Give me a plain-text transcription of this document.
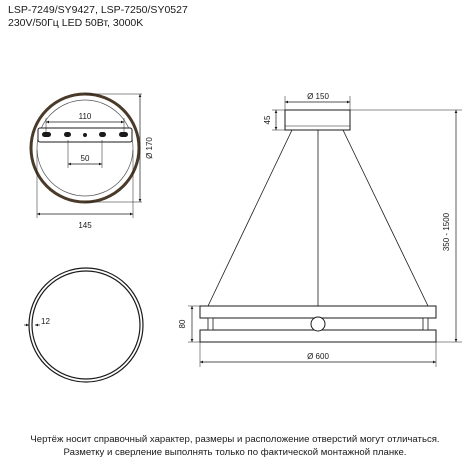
LSP-7249/SY9427, LSP-7250/SY0527
230V/50Гц LED 50Вт, 3000K
110
50	Ø 170
145
12
Ø 150
45
80
Ø 600
350 - 1500
Чертёж носит справочный характер, размеры и расположение отверстий могут отличаться.
Разметку и сверление выполнять только по фактической монтажной планке.
